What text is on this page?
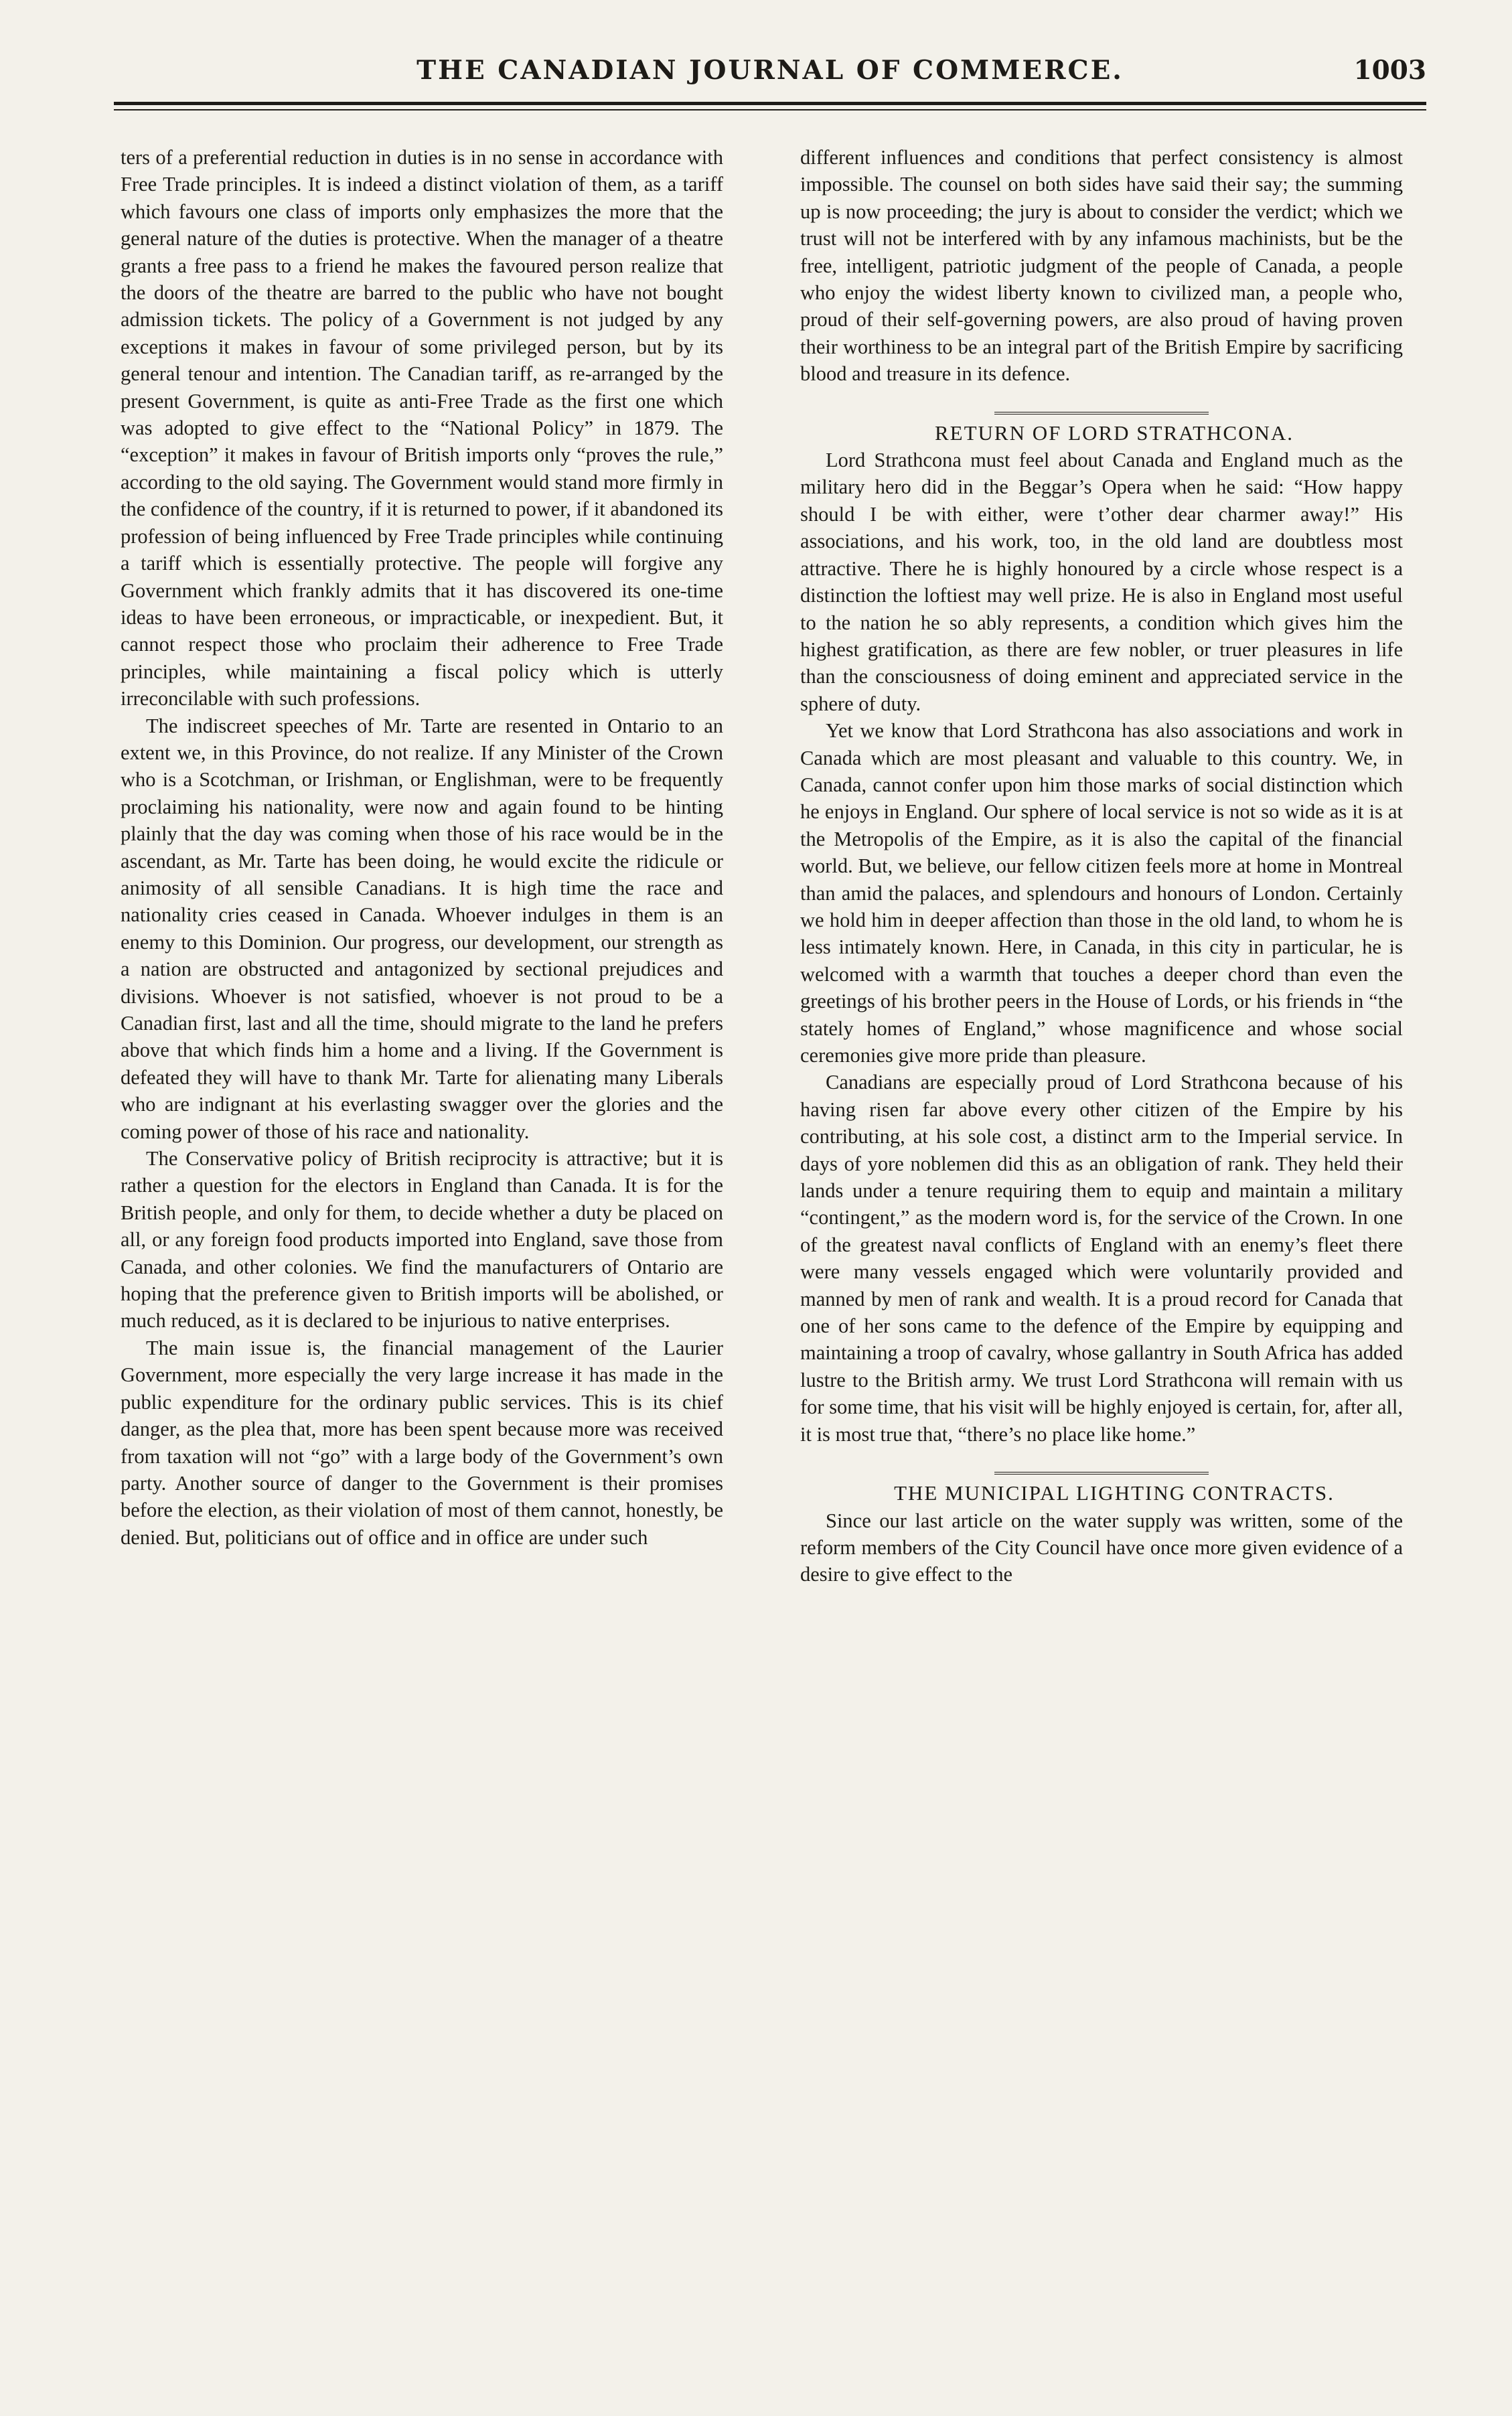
THE CANADIAN JOURNAL OF COMMERCE.	1003

ters of a preferential reduction in duties is in no sense in accordance with Free Trade principles. It is indeed a distinct violation of them, as a tariff which favours one class of imports only emphasizes the more that the general nature of the duties is protective. When the manager of a theatre grants a free pass to a friend he makes the favoured person realize that the doors of the theatre are barred to the public who have not bought admission tickets. The policy of a Government is not judged by any exceptions it makes in favour of some privileged person, but by its general tenour and intention. The Canadian tariff, as re-arranged by the present Government, is quite as anti-Free Trade as the first one which was adopted to give effect to the “National Policy” in 1879. The “exception” it makes in favour of British imports only “proves the rule,” according to the old saying. The Government would stand more firmly in the confidence of the country, if it is returned to power, if it abandoned its profession of being influenced by Free Trade principles while continuing a tariff which is essentially protective. The people will forgive any Government which frankly admits that it has discovered its one-time ideas to have been erroneous, or impracticable, or inexpedient. But, it cannot respect those who proclaim their adherence to Free Trade principles, while maintaining a fiscal policy which is utterly irreconcilable with such professions.

The indiscreet speeches of Mr. Tarte are resented in Ontario to an extent we, in this Province, do not realize. If any Minister of the Crown who is a Scotchman, or Irishman, or Englishman, were to be frequently proclaiming his nationality, were now and again found to be hinting plainly that the day was coming when those of his race would be in the ascendant, as Mr. Tarte has been doing, he would excite the ridicule or animosity of all sensible Canadians. It is high time the race and nationality cries ceased in Canada. Whoever indulges in them is an enemy to this Dominion. Our progress, our development, our strength as a nation are obstructed and antagonized by sectional prejudices and divisions. Whoever is not satisfied, whoever is not proud to be a Canadian first, last and all the time, should migrate to the land he prefers above that which finds him a home and a living. If the Government is defeated they will have to thank Mr. Tarte for alienating many Liberals who are indignant at his everlasting swagger over the glories and the coming power of those of his race and nationality.

The Conservative policy of British reciprocity is attractive; but it is rather a question for the electors in England than Canada. It is for the British people, and only for them, to decide whether a duty be placed on all, or any foreign food products imported into England, save those from Canada, and other colonies. We find the manufacturers of Ontario are hoping that the preference given to British imports will be abolished, or much reduced, as it is declared to be injurious to native enterprises.

The main issue is, the financial management of the Laurier Government, more especially the very large increase it has made in the public expenditure for the ordinary public services. This is its chief danger, as the plea that, more has been spent because more was received from taxation will not “go” with a large body of the Government’s own party. Another source of danger to the Government is their promises before the election, as their violation of most of them cannot, honestly, be denied. But, politicians out of office and in office are under such

different influences and conditions that perfect consistency is almost impossible. The counsel on both sides have said their say; the summing up is now proceeding; the jury is about to consider the verdict; which we trust will not be interfered with by any infamous machinists, but be the free, intelligent, patriotic judgment of the people of Canada, a people who enjoy the widest liberty known to civilized man, a people who, proud of their self-governing powers, are also proud of having proven their worthiness to be an integral part of the British Empire by sacrificing blood and treasure in its defence.

RETURN OF LORD STRATHCONA.

Lord Strathcona must feel about Canada and England much as the military hero did in the Beggar’s Opera when he said: “How happy should I be with either, were t’other dear charmer away!” His associations, and his work, too, in the old land are doubtless most attractive. There he is highly honoured by a circle whose respect is a distinction the loftiest may well prize. He is also in England most useful to the nation he so ably represents, a condition which gives him the highest gratification, as there are few nobler, or truer pleasures in life than the consciousness of doing eminent and appreciated service in the sphere of duty.

Yet we know that Lord Strathcona has also associations and work in Canada which are most pleasant and valuable to this country. We, in Canada, cannot confer upon him those marks of social distinction which he enjoys in England. Our sphere of local service is not so wide as it is at the Metropolis of the Empire, as it is also the capital of the financial world. But, we believe, our fellow citizen feels more at home in Montreal than amid the palaces, and splendours and honours of London. Certainly we hold him in deeper affection than those in the old land, to whom he is less intimately known. Here, in Canada, in this city in particular, he is welcomed with a warmth that touches a deeper chord than even the greetings of his brother peers in the House of Lords, or his friends in “the stately homes of England,” whose magnificence and whose social ceremonies give more pride than pleasure.

Canadians are especially proud of Lord Strathcona because of his having risen far above every other citizen of the Empire by his contributing, at his sole cost, a distinct arm to the Imperial service. In days of yore noblemen did this as an obligation of rank. They held their lands under a tenure requiring them to equip and maintain a military “contingent,” as the modern word is, for the service of the Crown. In one of the greatest naval conflicts of England with an enemy’s fleet there were many vessels engaged which were voluntarily provided and manned by men of rank and wealth. It is a proud record for Canada that one of her sons came to the defence of the Empire by equipping and maintaining a troop of cavalry, whose gallantry in South Africa has added lustre to the British army. We trust Lord Strathcona will remain with us for some time, that his visit will be highly enjoyed is certain, for, after all, it is most true that, “there’s no place like home.”

THE MUNICIPAL LIGHTING CONTRACTS.

Since our last article on the water supply was written, some of the reform members of the City Council have once more given evidence of a desire to give effect to the
